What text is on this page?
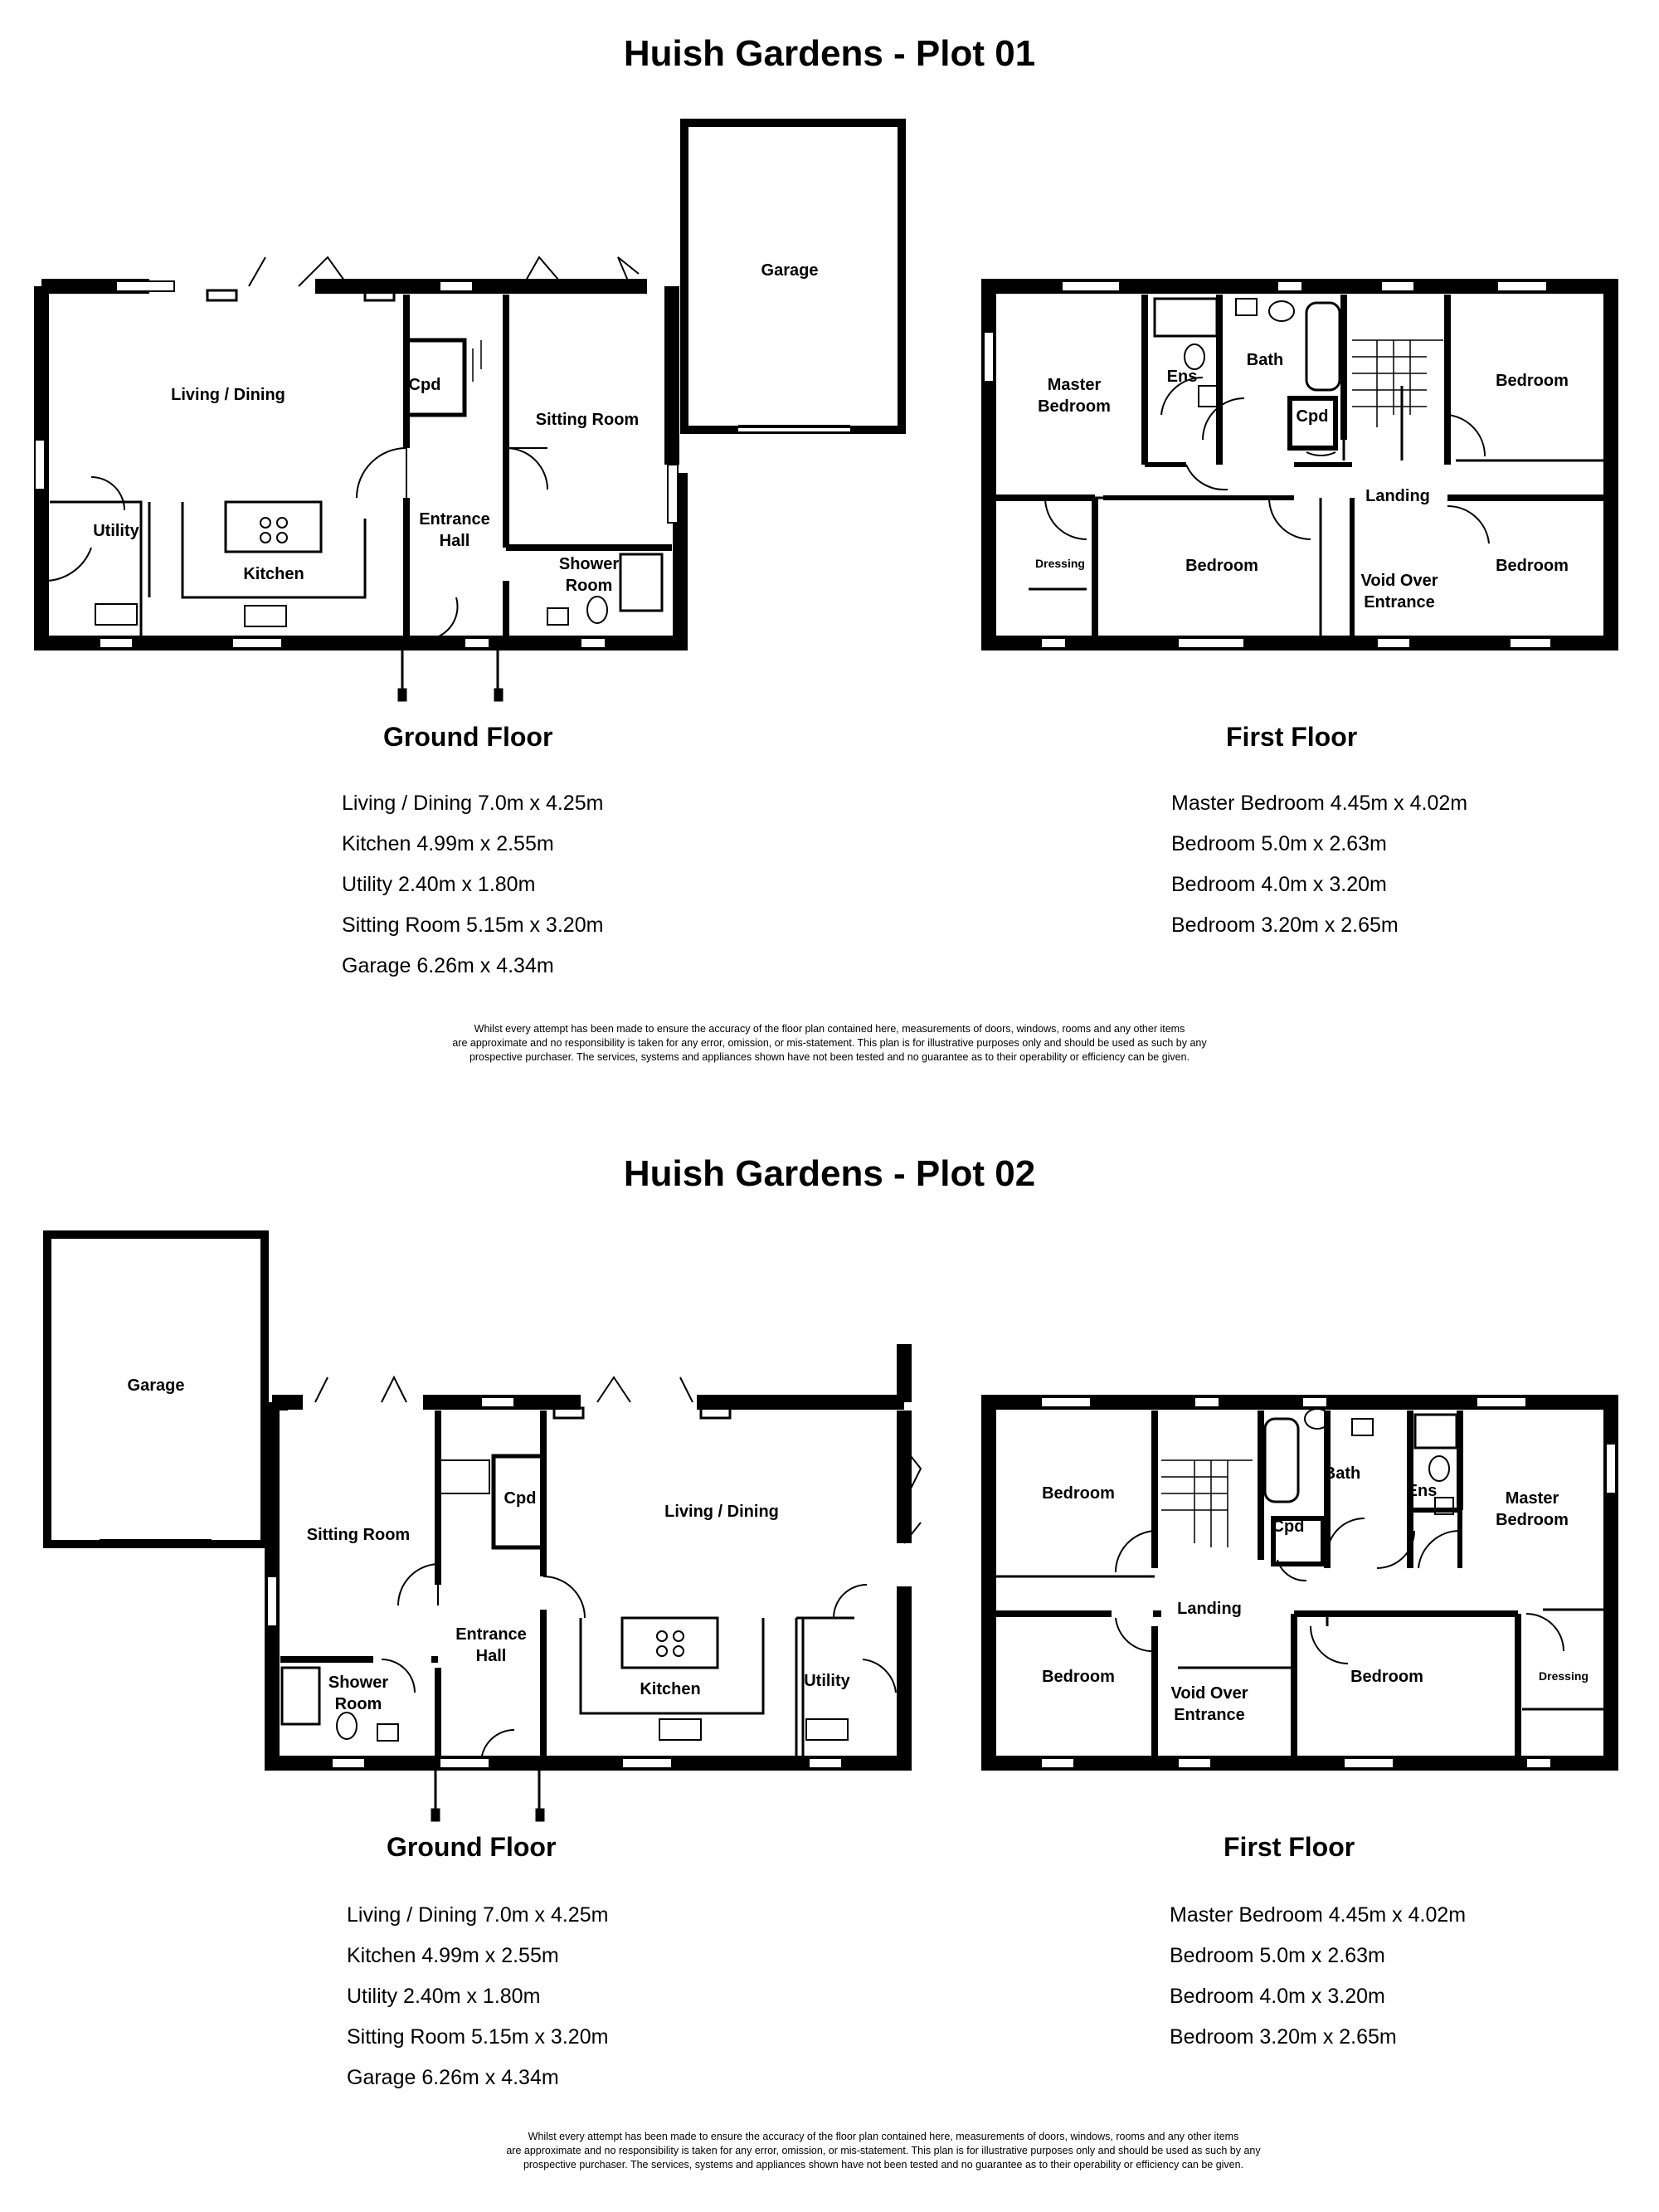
Huish Gardens - Plot 01
Living / Dining
Cpd
Sitting Room
Garage
Utility
Kitchen
Entrance
Hall
Shower
Room
Master
Bedroom
Ens
Bath
Cpd
Bedroom
Landing
Dressing	Bedroom
Void Over
Entrance
Bedroom
Garage
Sitting Room
Cpd
Living / Dining
Entrance
Hall
Kitchen	Utility
Shower
Room
Bedroom
Bath
Ens	Master
Bedroom
Cpd
Landing
Bedroom
Void Over
Entrance
Bedroom	Dressing
Ground Floor	First Floor
Living / Dining 7.0m x 4.25m
Kitchen 4.99m x 2.55m
Utility 2.40m x 1.80m
Sitting Room 5.15m x 3.20m
Garage 6.26m x 4.34m
Master Bedroom 4.45m x 4.02m
Bedroom 5.0m x 2.63m
Bedroom 4.0m x 3.20m
Bedroom 3.20m x 2.65m
Whilst every attempt has been made to ensure the accuracy of the floor plan contained here, measurements of doors, windows, rooms and any other items
are approximate and no responsibility is taken for any error, omission, or mis-statement. This plan is for illustrative purposes only and should be used as such by any
prospective purchaser. The services, systems and appliances shown have not been tested and no guarantee as to their operability or efficiency can be given.
Huish Gardens - Plot 02
Ground Floor	First Floor
Living / Dining 7.0m x 4.25m
Kitchen 4.99m x 2.55m
Utility 2.40m x 1.80m
Sitting Room 5.15m x 3.20m
Garage 6.26m x 4.34m
Master Bedroom 4.45m x 4.02m
Bedroom 5.0m x 2.63m
Bedroom 4.0m x 3.20m
Bedroom 3.20m x 2.65m
Whilst every attempt has been made to ensure the accuracy of the floor plan contained here, measurements of doors, windows, rooms and any other items
are approximate and no responsibility is taken for any error, omission, or mis-statement. This plan is for illustrative purposes only and should be used as such by any
prospective purchaser. The services, systems and appliances shown have not been tested and no guarantee as to their operability or efficiency can be given.
